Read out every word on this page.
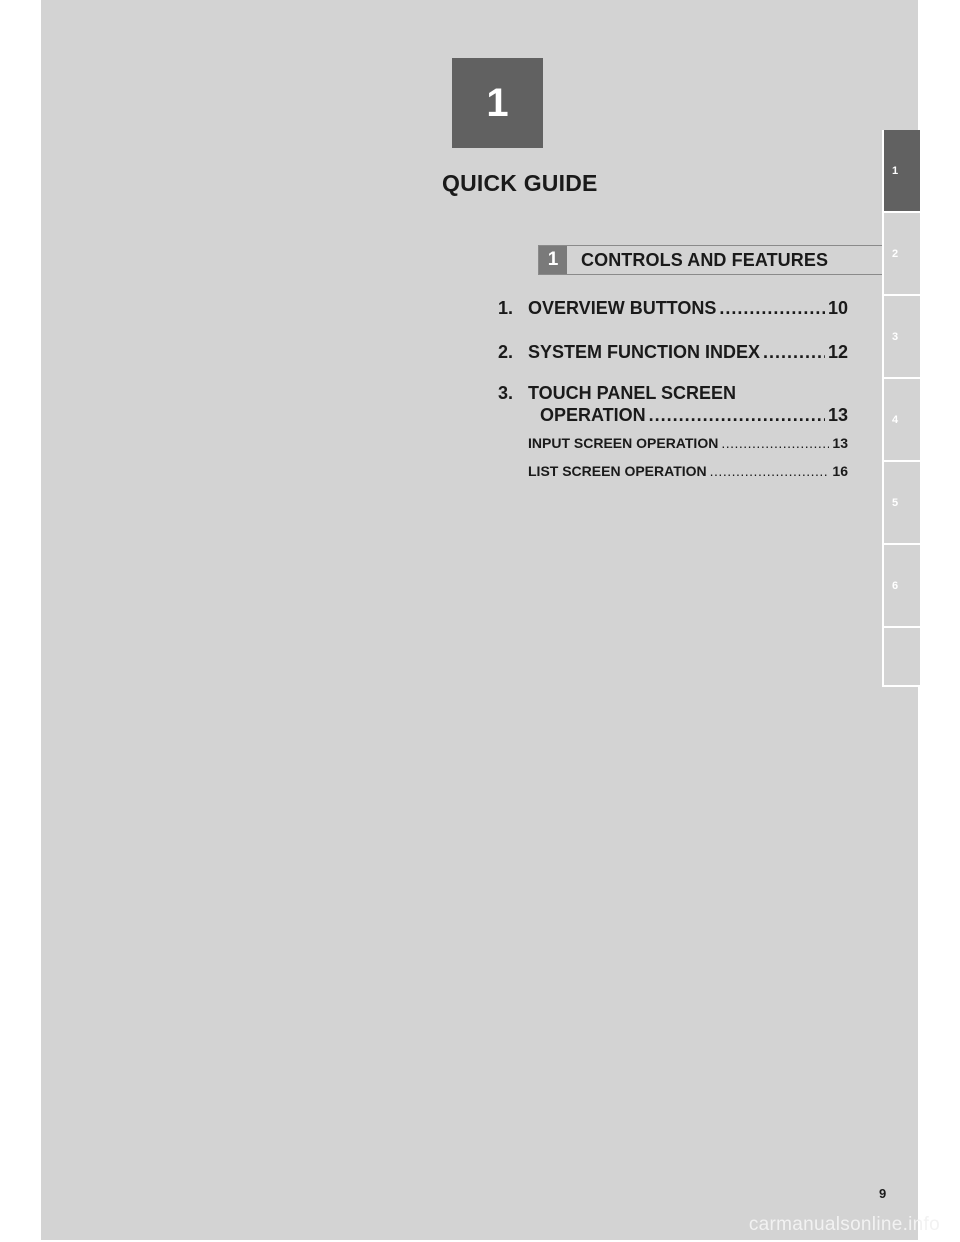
1
QUICK GUIDE
1	CONTROLS AND FEATURES
1. OVERVIEW BUTTONS .....	10
2. SYSTEM FUNCTION INDEX .....	12
3. TOUCH PANEL SCREEN
OPERATION .....	13
INPUT SCREEN OPERATION .....	13
LIST SCREEN OPERATION .....	16
9
1
2
3
4
5
6
carmanualsonline.info
